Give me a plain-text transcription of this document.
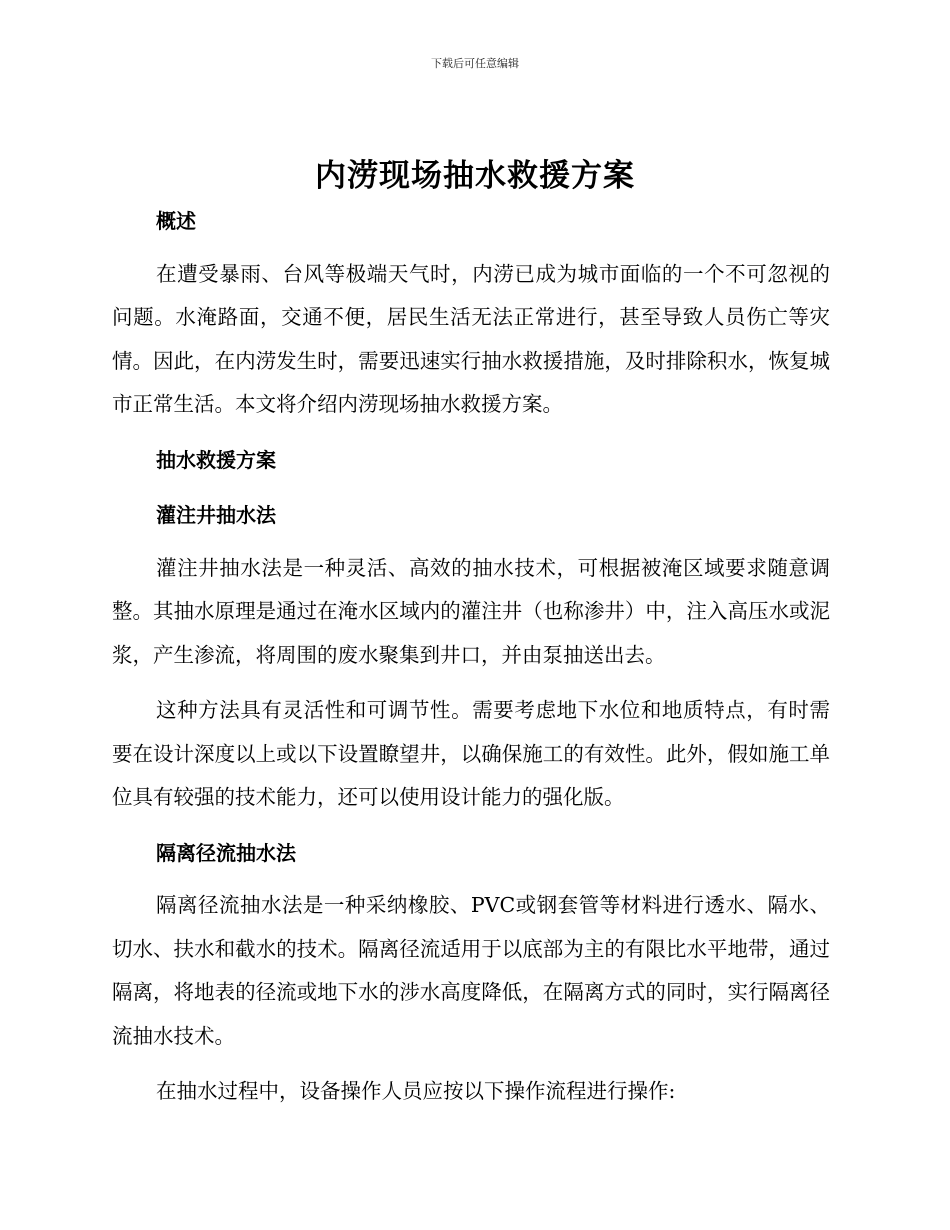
下载后可任意编辑
内涝现场抽水救援方案

概述

在遭受暴雨、台风等极端天气时，内涝已成为城市面临的一个不可忽视的问题。水淹路面，交通不便，居民生活无法正常进行，甚至导致人员伤亡等灾情。因此，在内涝发生时，需要迅速实行抽水救援措施，及时排除积水，恢复城市正常生活。本文将介绍内涝现场抽水救援方案。

抽水救援方案

灌注井抽水法

灌注井抽水法是一种灵活、高效的抽水技术，可根据被淹区域要求随意调整。其抽水原理是通过在淹水区域内的灌注井（也称渗井）中，注入高压水或泥浆，产生渗流，将周围的废水聚集到井口，并由泵抽送出去。

这种方法具有灵活性和可调节性。需要考虑地下水位和地质特点，有时需要在设计深度以上或以下设置瞭望井，以确保施工的有效性。此外，假如施工单位具有较强的技术能力，还可以使用设计能力的强化版。

隔离径流抽水法

隔离径流抽水法是一种采纳橡胶、PVC或钢套管等材料进行透水、隔水、切水、扶水和截水的技术。隔离径流适用于以底部为主的有限比水平地带，通过隔离，将地表的径流或地下水的涉水高度降低，在隔离方式的同时，实行隔离径流抽水技术。

在抽水过程中，设备操作人员应按以下操作流程进行操作:
